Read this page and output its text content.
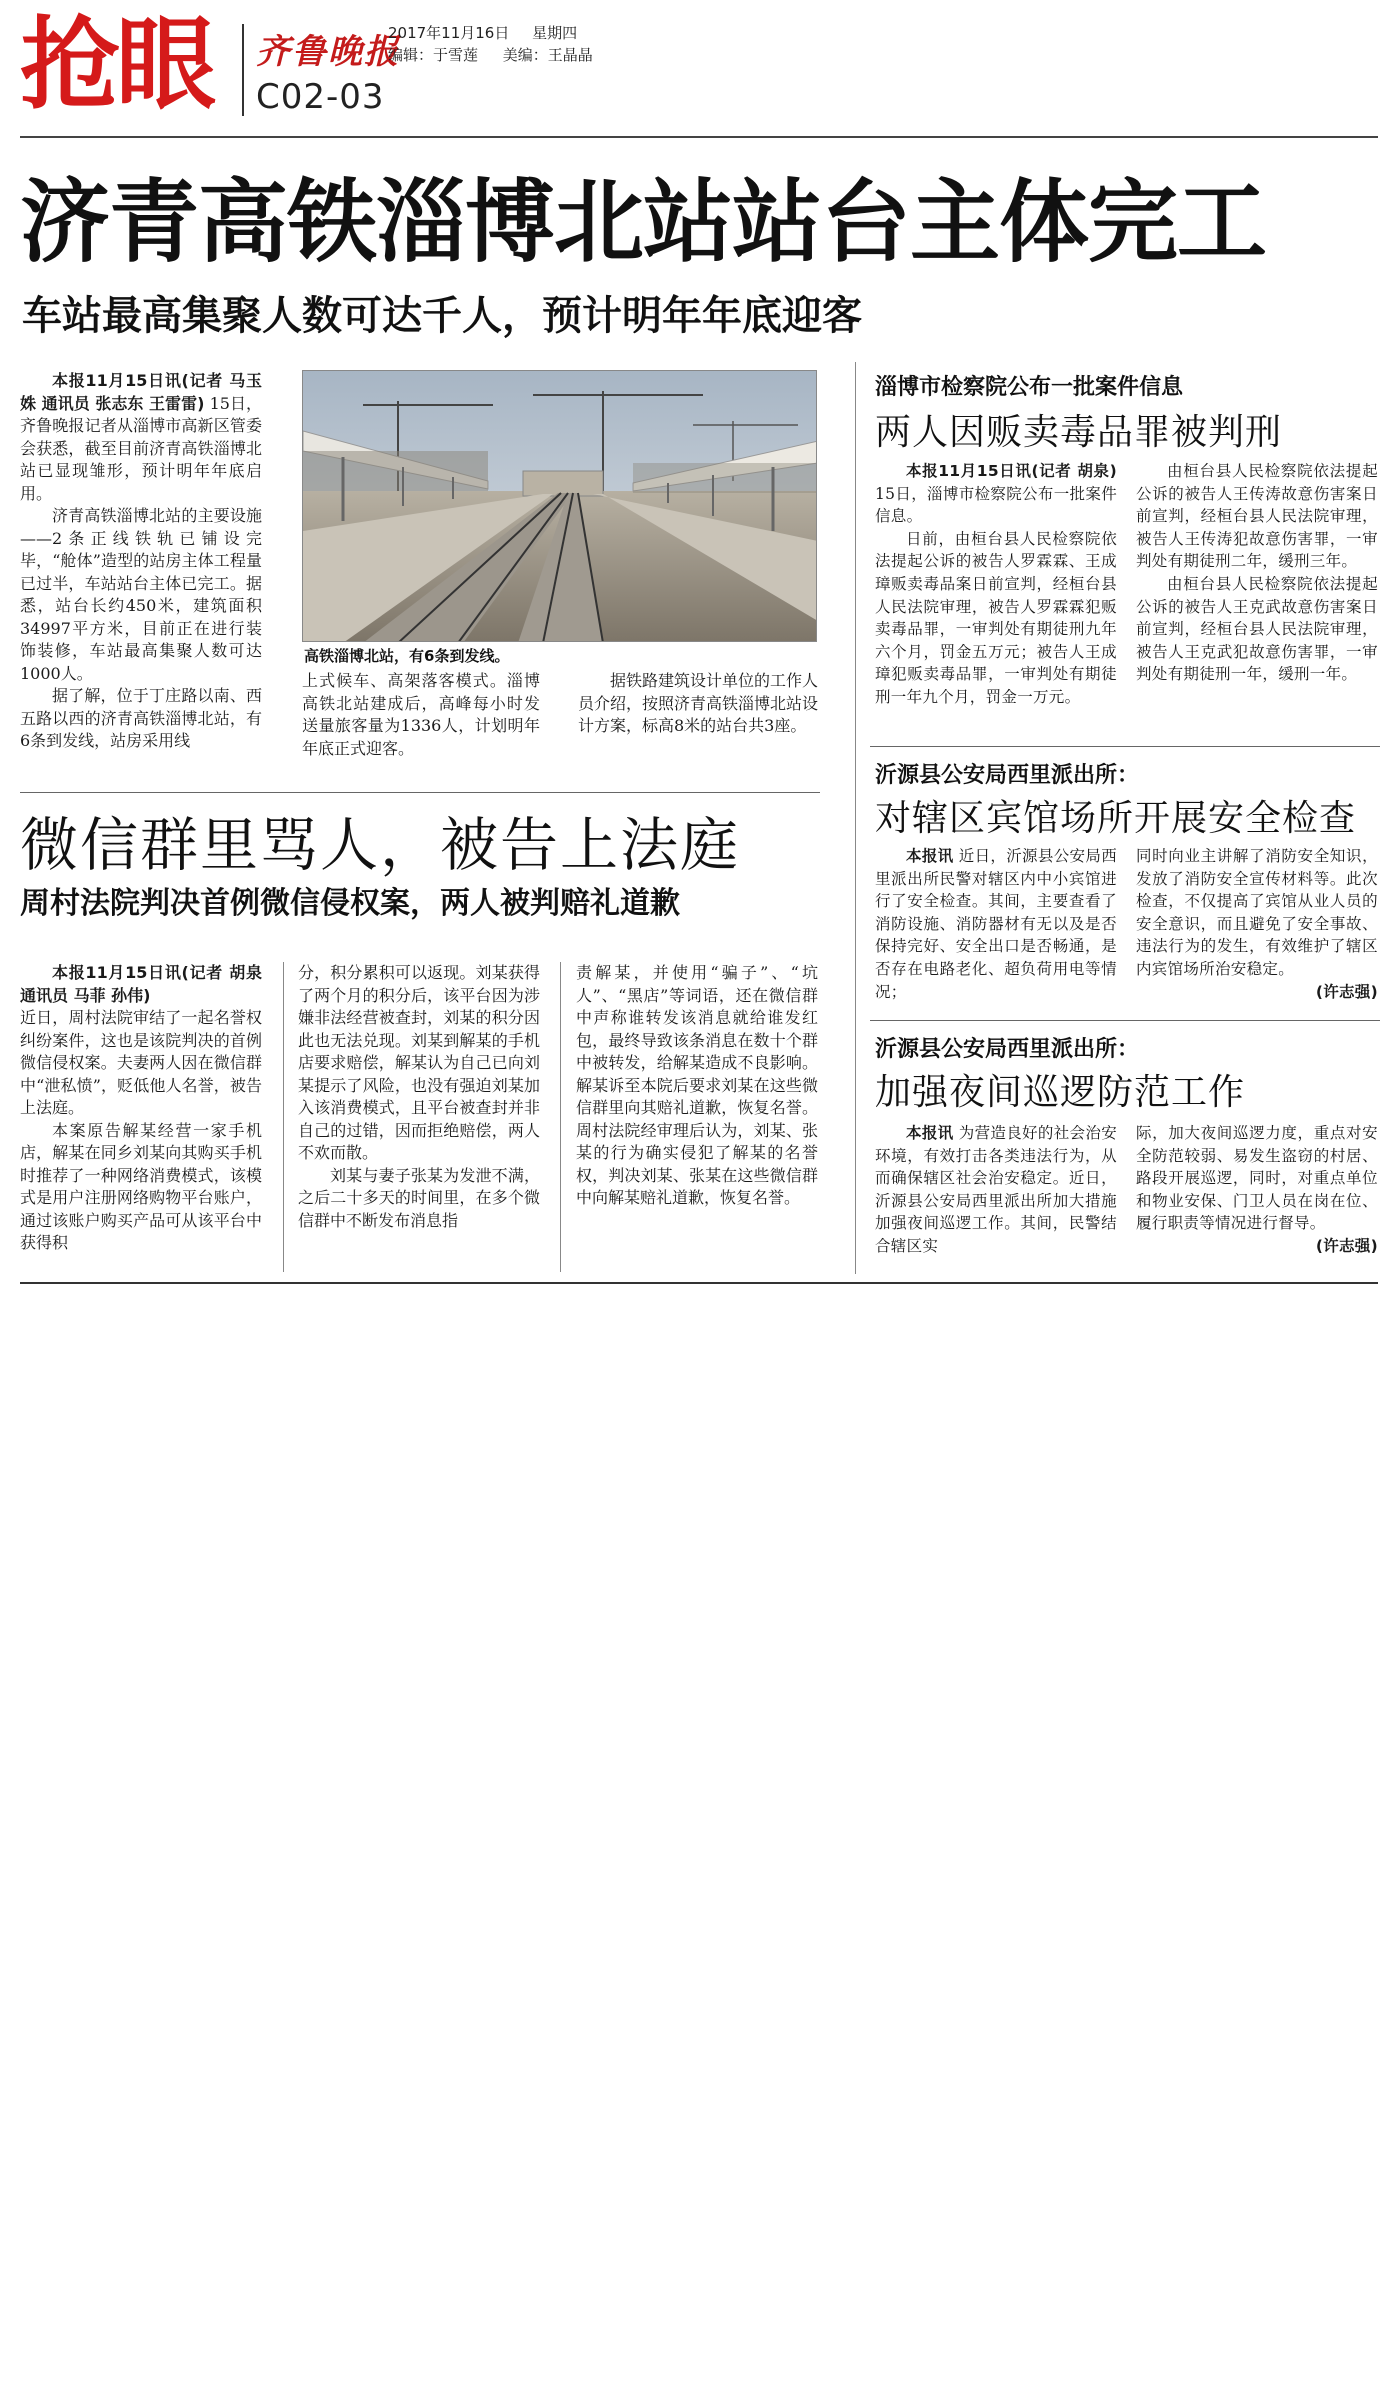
抢眼 齐鲁晚报
2017年11月16日 星期四
编辑：于雪莲 美编：王晶晶
C02-03
济青高铁淄博北站站台主体完工
车站最高集聚人数可达千人，预计明年年底迎客

本报11月15日讯(记者 马玉姝 通讯员 张志东 王雷雷) 15日，齐鲁晚报记者从淄博市高新区管委会获悉，截至目前济青高铁淄博北站已显现雏形，预计明年年底启用。

济青高铁淄博北站的主要设施——2条正线铁轨已铺设完毕，“舱体”造型的站房主体工程量已过半，车站站台主体已完工。据悉，站台长约450米，建筑面积34997平方米，目前正在进行装饰装修，车站最高集聚人数可达1000人。

据了解，位于丁庄路以南、西五路以西的济青高铁淄博北站，有6条到发线，站房采用线

高铁淄博北站，有6条到发线。

上式候车、高架落客模式。淄博高铁北站建成后，高峰每小时发送量旅客量为1336人，计划明年年底正式迎客。

据铁路建筑设计单位的工作人员介绍，按照济青高铁淄博北站设计方案，标高8米的站台共3座。

微信群里骂人，被告上法庭
周村法院判决首例微信侵权案，两人被判赔礼道歉

本报11月15日讯(记者 胡泉 通讯员 马菲 孙伟)

近日，周村法院审结了一起名誉权纠纷案件，这也是该院判决的首例微信侵权案。夫妻两人因在微信群中“泄私愤”，贬低他人名誉，被告上法庭。

本案原告解某经营一家手机店，解某在同乡刘某向其购买手机时推荐了一种网络消费模式，该模式是用户注册网络购物平台账户，通过该账户购买产品可从该平台中获得积

分，积分累积可以返现。刘某获得了两个月的积分后，该平台因为涉嫌非法经营被查封，刘某的积分因此也无法兑现。刘某到解某的手机店要求赔偿，解某认为自己已向刘某提示了风险，也没有强迫刘某加入该消费模式，且平台被查封并非自己的过错，因而拒绝赔偿，两人不欢而散。

刘某与妻子张某为发泄不满，之后二十多天的时间里，在多个微信群中不断发布消息指

责解某，并使用“骗子”、“坑人”、“黑店”等词语，还在微信群中声称谁转发该消息就给谁发红包，最终导致该条消息在数十个群中被转发，给解某造成不良影响。解某诉至本院后要求刘某在这些微信群里向其赔礼道歉，恢复名誉。周村法院经审理后认为，刘某、张某的行为确实侵犯了解某的名誉权，判决刘某、张某在这些微信群中向解某赔礼道歉，恢复名誉。

淄博市检察院公布一批案件信息
两人因贩卖毒品罪被判刑

本报11月15日讯(记者 胡泉) 15日，淄博市检察院公布一批案件信息。

日前，由桓台县人民检察院依法提起公诉的被告人罗霖霖、王成璋贩卖毒品案日前宣判，经桓台县人民法院审理，被告人罗霖霖犯贩卖毒品罪，一审判处有期徒刑九年六个月，罚金五万元；被告人王成璋犯贩卖毒品罪，一审判处有期徒刑一年九个月，罚金一万元。

由桓台县人民检察院依法提起公诉的被告人王传涛故意伤害案日前宣判，经桓台县人民法院审理，被告人王传涛犯故意伤害罪，一审判处有期徒刑二年，缓刑三年。

由桓台县人民检察院依法提起公诉的被告人王克武故意伤害案日前宣判，经桓台县人民法院审理，被告人王克武犯故意伤害罪，一审判处有期徒刑一年，缓刑一年。

沂源县公安局西里派出所：
对辖区宾馆场所开展安全检查

本报讯 近日，沂源县公安局西里派出所民警对辖区内中小宾馆进行了安全检查。其间，主要查看了消防设施、消防器材有无以及是否保持完好、安全出口是否畅通，是否存在电路老化、超负荷用电等情况；

同时向业主讲解了消防安全知识，发放了消防安全宣传材料等。此次检查，不仅提高了宾馆从业人员的安全意识，而且避免了安全事故、违法行为的发生，有效维护了辖区内宾馆场所治安稳定。

(许志强)
沂源县公安局西里派出所：
加强夜间巡逻防范工作

本报讯 为营造良好的社会治安环境，有效打击各类违法行为，从而确保辖区社会治安稳定。近日，沂源县公安局西里派出所加大措施加强夜间巡逻工作。其间，民警结合辖区实

际，加大夜间巡逻力度，重点对安全防范较弱、易发生盗窃的村居、路段开展巡逻，同时，对重点单位和物业安保、门卫人员在岗在位、履行职责等情况进行督导。

(许志强)
